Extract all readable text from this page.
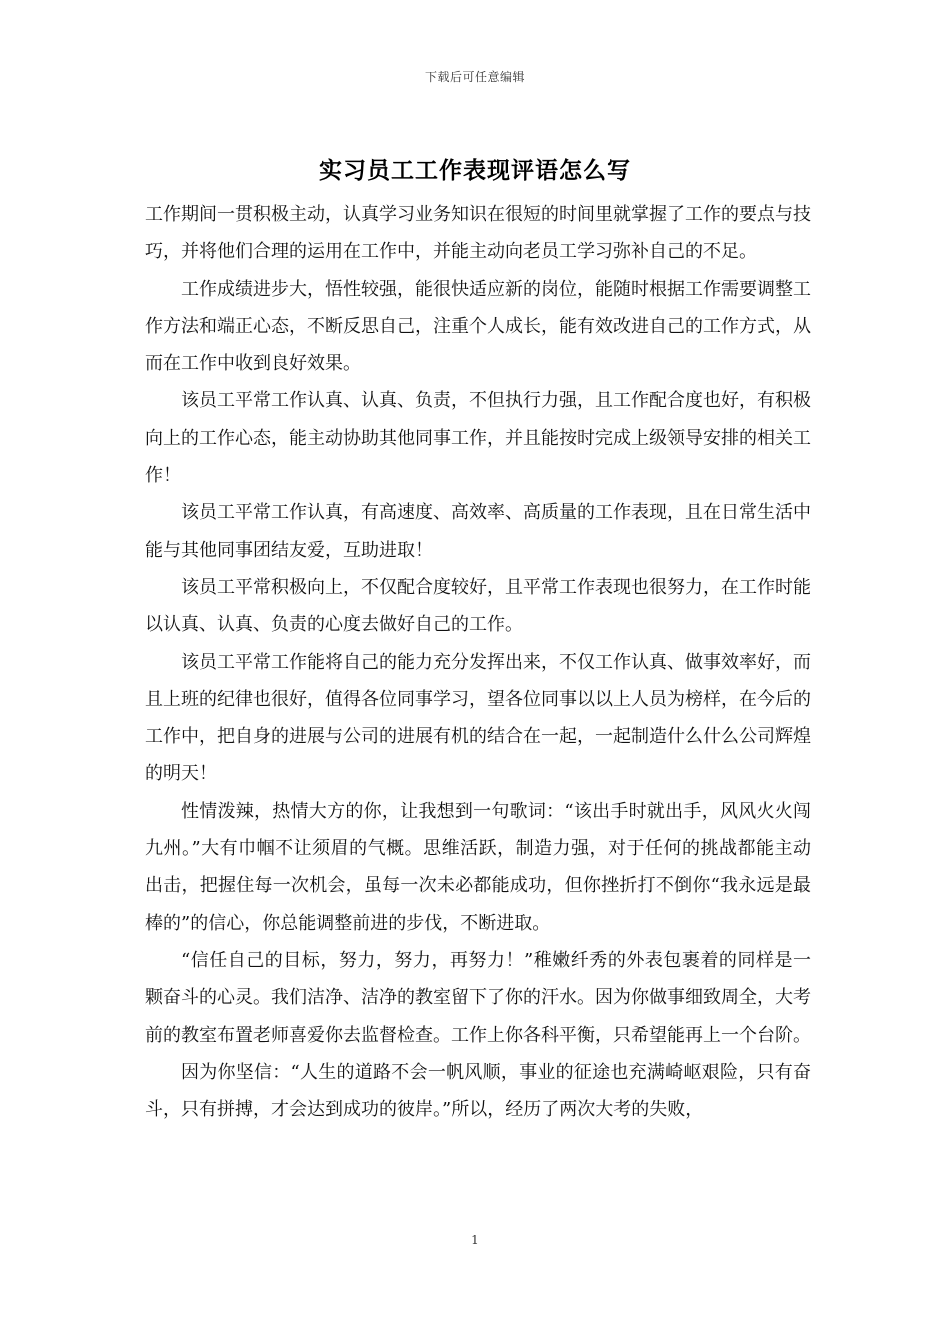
下载后可任意编辑
实习员工工作表现评语怎么写

工作期间一贯积极主动，认真学习业务知识在很短的时间里就掌握了工作的要点与技巧，并将他们合理的运用在工作中，并能主动向老员工学习弥补自己的不足。

工作成绩进步大，悟性较强，能很快适应新的岗位，能随时根据工作需要调整工作方法和端正心态，不断反思自己，注重个人成长，能有效改进自己的工作方式，从而在工作中收到良好效果。

该员工平常工作认真、认真、负责，不但执行力强，且工作配合度也好，有积极向上的工作心态，能主动协助其他同事工作，并且能按时完成上级领导安排的相关工作！

该员工平常工作认真，有高速度、高效率、高质量的工作表现，且在日常生活中能与其他同事团结友爱，互助进取！

该员工平常积极向上，不仅配合度较好，且平常工作表现也很努力，在工作时能以认真、认真、负责的心度去做好自己的工作。

该员工平常工作能将自己的能力充分发挥出来，不仅工作认真、做事效率好，而且上班的纪律也很好，值得各位同事学习，望各位同事以以上人员为榜样，在今后的工作中，把自身的进展与公司的进展有机的结合在一起，一起制造什么什么公司辉煌的明天！

性情泼辣，热情大方的你，让我想到一句歌词：“该出手时就出手，风风火火闯九州。”大有巾帼不让须眉的气概。思维活跃，制造力强，对于任何的挑战都能主动出击，把握住每一次机会，虽每一次未必都能成功，但你挫折打不倒你“我永远是最棒的”的信心，你总能调整前进的步伐，不断进取。

“信任自己的目标，努力，努力，再努力！”稚嫩纤秀的外表包裹着的同样是一颗奋斗的心灵。我们洁净、洁净的教室留下了你的汗水。因为你做事细致周全，大考前的教室布置老师喜爱你去监督检查。工作上你各科平衡，只希望能再上一个台阶。

因为你坚信：“人生的道路不会一帆风顺，事业的征途也充满崎岖艰险，只有奋斗，只有拼搏，才会达到成功的彼岸。”所以，经历了两次大考的失败，

1
